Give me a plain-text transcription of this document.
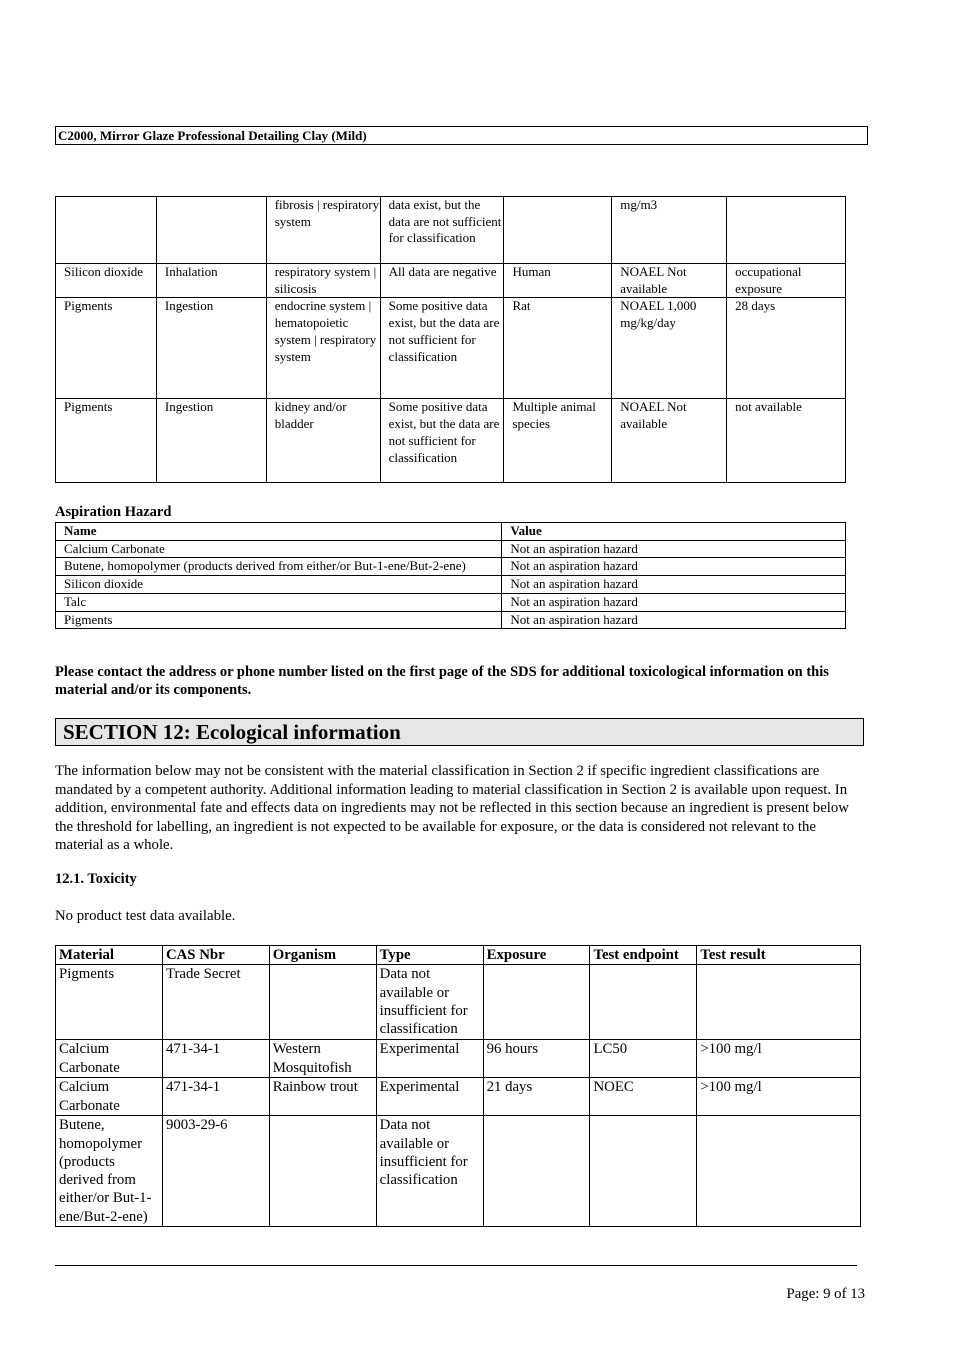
C2000, Mirror Glaze Professional Detailing Clay (Mild)
		fibrosis | respiratory system	data exist, but the data are not sufficient for classification		mg/m3	
Silicon dioxide	Inhalation	respiratory system | silicosis	All data are negative	Human	NOAEL Not available	occupational exposure
Pigments	Ingestion	endocrine system | hematopoietic system | respiratory system	Some positive data exist, but the data are not sufficient for classification	Rat	NOAEL 1,000 mg/kg/day	28 days
Pigments	Ingestion	kidney and/or bladder	Some positive data exist, but the data are not sufficient for classification	Multiple animal species	NOAEL Not available	not available
Aspiration Hazard
Name	Value
Calcium Carbonate	Not an aspiration hazard
Butene, homopolymer (products derived from either/or But-1-ene/But-2-ene)	Not an aspiration hazard
Silicon dioxide	Not an aspiration hazard
Talc	Not an aspiration hazard
Pigments	Not an aspiration hazard
Please contact the address or phone number listed on the first page of the SDS for additional toxicological information on this material and/or its components.
SECTION 12: Ecological information
The information below may not be consistent with the material classification in Section 2 if specific ingredient classifications are mandated by a competent authority. Additional information leading to material classification in Section 2 is available upon request. In addition, environmental fate and effects data on ingredients may not be reflected in this section because an ingredient is present below the threshold for labelling, an ingredient is not expected to be available for exposure, or the data is considered not relevant to the material as a whole.
12.1. Toxicity
No product test data available.
Material	CAS Nbr	Organism	Type	Exposure	Test endpoint	Test result
Pigments	Trade Secret		Data not available or insufficient for classification			
Calcium Carbonate	471-34-1	Western Mosquitofish	Experimental	96 hours	LC50	>100 mg/l
Calcium Carbonate	471-34-1	Rainbow trout	Experimental	21 days	NOEC	>100 mg/l
Butene, homopolymer (products derived from either/or But-1-ene/But-2-ene)	9003-29-6		Data not available or insufficient for classification			
Page: 9 of 13
